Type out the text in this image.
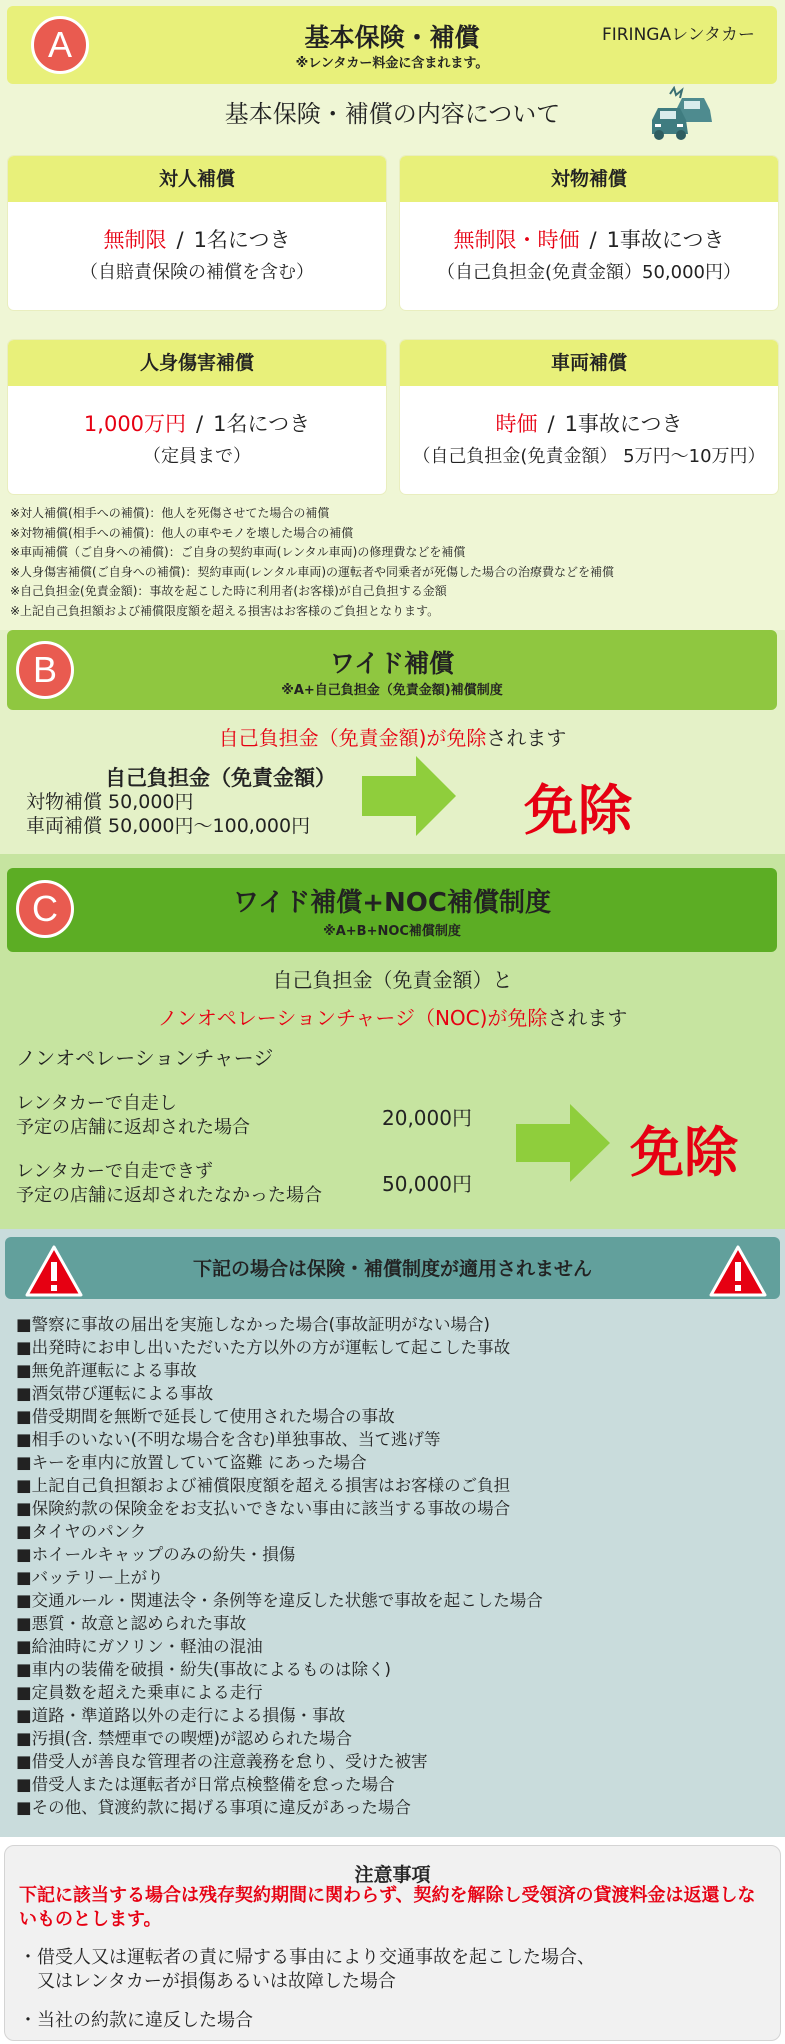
A	基本保険・補償
※レンタカー料金に含まれます。
FIRINGAレンタカー
基本保険・補償の内容について
対人補償
無制限 / 1名につき
（自賠責保険の補償を含む）
対物補償
無制限・時価 / 1事故につき
（自己負担金(免責金額）50,000円）
人身傷害補償
1,000万円 / 1名につき
（定員まで）
車両補償
時価 / 1事故につき
（自己負担金(免責金額） 5万円〜10万円）
※対人補償(相手への補償)：他人を死傷させてた場合の補償
※対物補償(相手への補償)：他人の車やモノを壊した場合の補償
※車両補償（ご自身への補償)：ご自身の契約車両(レンタル車両)の修理費などを補償
※人身傷害補償(ご自身への補償)：契約車両(レンタル車両)の運転者や同乗者が死傷した場合の治療費などを補償
※自己負担金(免責金額)：事故を起こした時に利用者(お客様)が自己負担する金額
※上記自己負担額および補償限度額を超える損害はお客様のご負担となります。
B	ワイド補償
※A+自己負担金（免責金額)補償制度
自己負担金（免責金額)が免除されます
自己負担金（免責金額）
対物補償 50,000円
車両補償 50,000円〜100,000円	免除
C	ワイド補償+NOC補償制度
※A+B+NOC補償制度
自己負担金（免責金額）と
ノンオペレーションチャージ（NOC)が免除されます
ノンオペレーションチャージ
レンタカーで自走し
予定の店舗に返却された場合	20,000円
レンタカーで自走できず
予定の店舗に返却されたなかった場合	50,000円	免除
下記の場合は保険・補償制度が適用されません
■警察に事故の届出を実施しなかった場合(事故証明がない場合)
■出発時にお申し出いただいた方以外の方が運転して起こした事故
■無免許運転による事故
■酒気帯び運転による事故
■借受期間を無断で延長して使用された場合の事故
■相手のいない(不明な場合を含む)単独事故、当て逃げ等
■キーを車内に放置していて盗難 にあった場合
■上記自己負担額および補償限度額を超える損害はお客様のご負担
■保険約款の保険金をお支払いできない事由に該当する事故の場合
■タイヤのパンク
■ホイールキャップのみの紛失・損傷
■バッテリー上がり
■交通ルール・関連法令・条例等を違反した状態で事故を起こした場合
■悪質・故意と認められた事故
■給油時にガソリン・軽油の混油
■車内の装備を破損・紛失(事故によるものは除く)
■定員数を超えた乗車による走行
■道路・準道路以外の走行による損傷・事故
■汚損(含. 禁煙車での喫煙)が認められた場合
■借受人が善良な管理者の注意義務を怠り、受けた被害
■借受人または運転者が日常点検整備を怠った場合
■その他、貸渡約款に掲げる事項に違反があった場合
注意事項
下記に該当する場合は残存契約期間に関わらず、契約を解除し受領済の貸渡料金は返還しないものとします。
・借受人又は運転者の責に帰する事由により交通事故を起こした場合、
　又はレンタカーが損傷あるいは故障した場合
・当社の約款に違反した場合
